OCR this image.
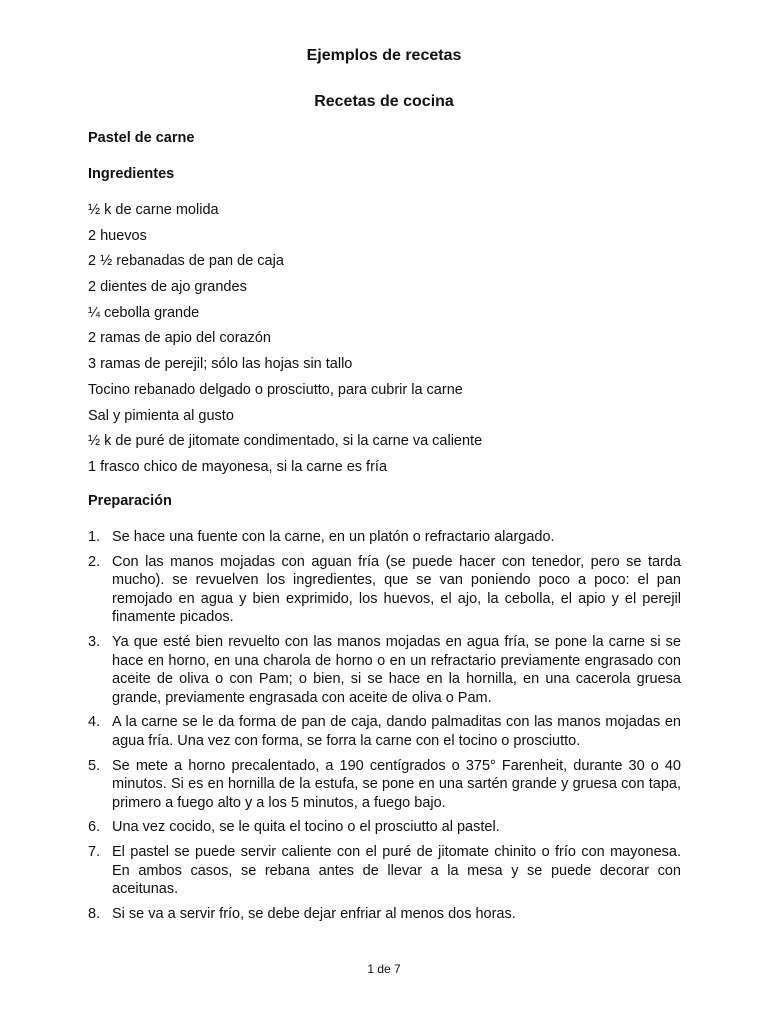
Ejemplos de recetas
Recetas de cocina
Pastel de carne
Ingredientes
½ k de carne molida
2 huevos
2 ½ rebanadas de pan de caja
2 dientes de ajo grandes
¼ cebolla grande
2 ramas de apio del corazón
3 ramas de perejil; sólo las hojas sin tallo
Tocino rebanado delgado o prosciutto, para cubrir la carne
Sal y pimienta al gusto
½ k de puré de jitomate condimentado, si la carne va caliente
1 frasco chico de mayonesa, si la carne es fría
Preparación
1. Se hace una fuente con la carne, en un platón o refractario alargado.
2. Con las manos mojadas con aguan fría (se puede hacer con tenedor, pero se tarda mucho). se revuelven los ingredientes, que se van poniendo poco a poco: el pan remojado en agua y bien exprimido, los huevos, el ajo, la cebolla, el apio y el perejil finamente picados.
3. Ya que esté bien revuelto con las manos mojadas en agua fría, se pone la carne si se hace en horno, en una charola de horno o en un refractario previamente engrasado con aceite de oliva o con Pam; o bien, si se hace en la hornilla, en una cacerola gruesa grande, previamente engrasada con aceite de oliva o Pam.
4. A la carne se le da forma de pan de caja, dando palmaditas con las manos mojadas en agua fría. Una vez con forma, se forra la carne con el tocino o prosciutto.
5. Se mete a horno precalentado, a 190 centígrados o 375° Farenheit, durante 30 o 40 minutos. Si es en hornilla de la estufa, se pone en una sartén grande y gruesa con tapa, primero a fuego alto y a los 5 minutos, a fuego bajo.
6. Una vez cocido, se le quita el tocino o el prosciutto al pastel.
7. El pastel se puede servir caliente con el puré de jitomate chinito o frío con mayonesa. En ambos casos, se rebana antes de llevar a la mesa y se puede decorar con aceitunas.
8. Si se va a servir frío, se debe dejar enfriar al menos dos horas.
1 de 7
